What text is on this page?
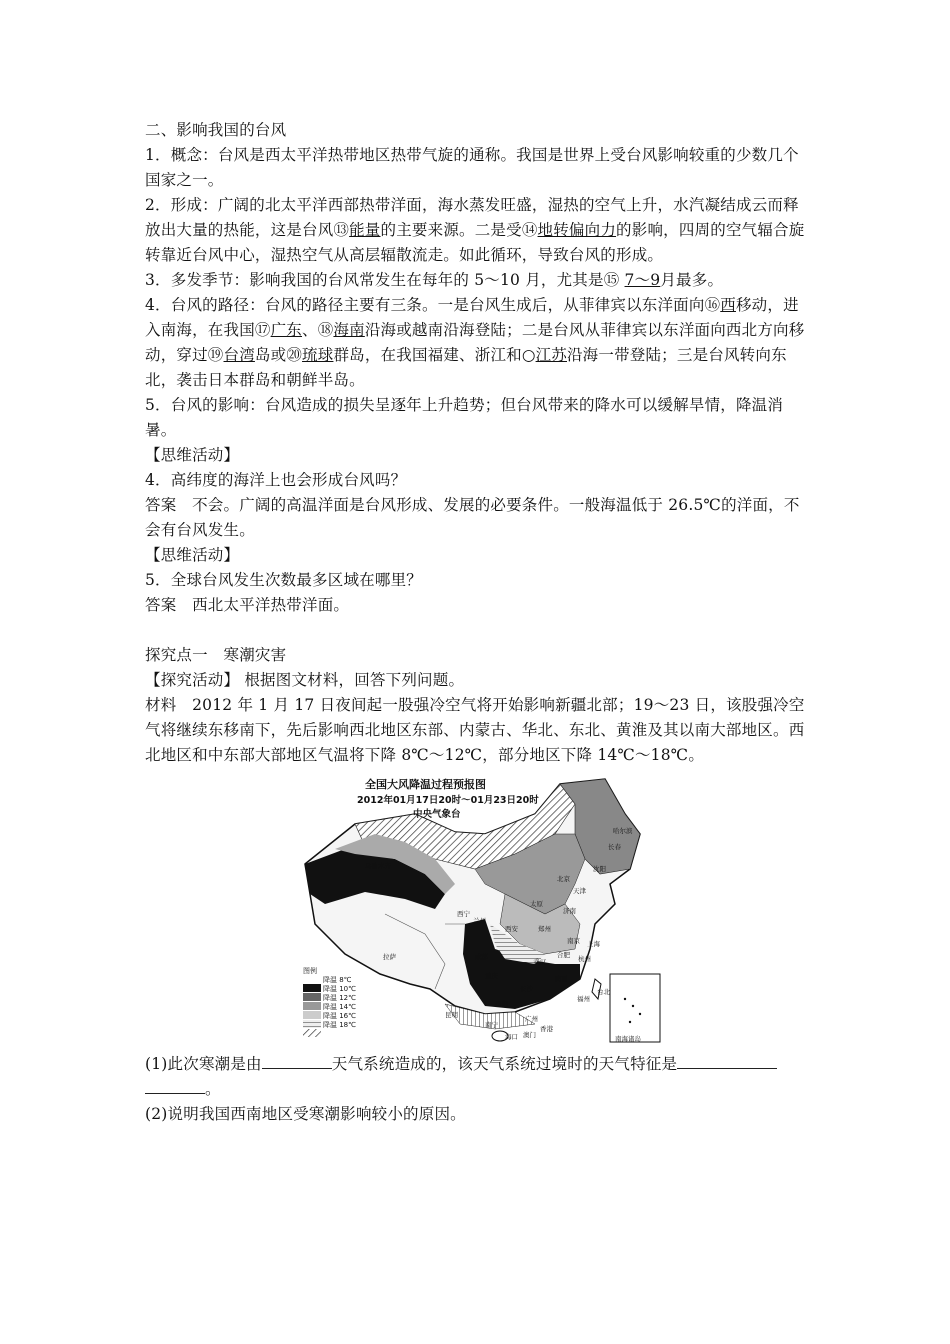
二、影响我国的台风

1．概念：台风是西太平洋热带地区热带气旋的通称。我国是世界上受台风影响较重的少数几个国家之一。

2．形成：广阔的北太平洋西部热带洋面，海水蒸发旺盛，湿热的空气上升，水汽凝结成云而释放出大量的热能，这是台风⑬能量的主要来源。二是受⑭地转偏向力的影响，四周的空气辐合旋转靠近台风中心，湿热空气从高层辐散流走。如此循环，导致台风的形成。

3．多发季节：影响我国的台风常发生在每年的 5～10 月，尤其是⑮ 7～9月最多。

4．台风的路径：台风的路径主要有三条。一是台风生成后，从菲律宾以东洋面向⑯西移动，进入南海，在我国⑰广东、⑱海南沿海或越南沿海登陆；二是台风从菲律宾以东洋面向西北方向移动，穿过⑲台湾岛或⑳琉球群岛，在我国福建、浙江和○江苏沿海一带登陆；三是台风转向东北，袭击日本群岛和朝鲜半岛。

5．台风的影响：台风造成的损失呈逐年上升趋势；但台风带来的降水可以缓解旱情，降温消暑。

【思维活动】

4．高纬度的海洋上也会形成台风吗？

答案　不会。广阔的高温洋面是台风形成、发展的必要条件。一般海温低于 26.5℃的洋面，不会有台风发生。

【思维活动】

5．全球台风发生次数最多区域在哪里？

答案　西北太平洋热带洋面。

探究点一　寒潮灾害

【探究活动】 根据图文材料，回答下列问题。

材料　2012 年 1 月 17 日夜间起一股强冷空气将开始影响新疆北部；19～23 日，该股强冷空气将继续东移南下，先后影响西北地区东部、内蒙古、华北、东北、黄淮及其以南大部地区。西北地区和中东部大部地区气温将下降 8℃～12℃，部分地区下降 14℃～18℃。

全国大风降温过程预报图
2012年01月17日20时～01月23日20时
中央气象台
图例
降温 8℃
降温 10℃
降温 12℃
降温 14℃
降温 16℃
降温 18℃
乌鲁木齐
哈尔滨
长春
沈阳
北京
天津
太原
济南
兰州
西宁
西安	郑州
南京 上海
合肥 杭州
成都
武汉
拉萨
重庆
长沙
南昌
昆明
贵阳
福州
台北
广州
南宁	香港
澳门
海口	南海诸岛

(1)此次寒潮是由	天气系统造成的，该天气系统过境时的天气特征是
。

(2)说明我国西南地区受寒潮影响较小的原因。
